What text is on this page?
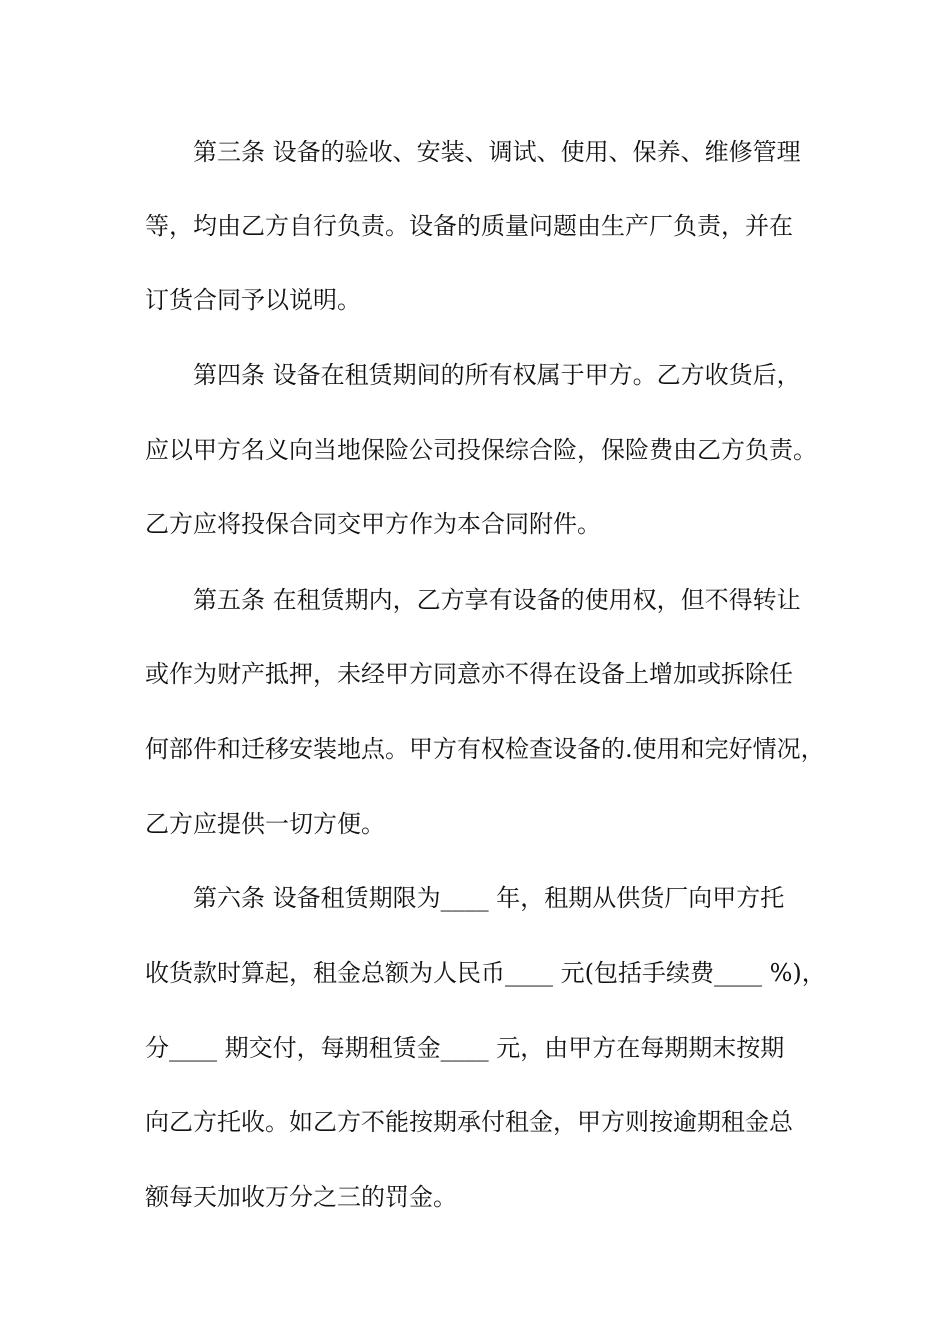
第三条 设备的验收、安装、调试、使用、保养、维修管理
等，均由乙方自行负责。设备的质量问题由生产厂负责，并在
订货合同予以说明。
第四条 设备在租赁期间的所有权属于甲方。乙方收货后，
应以甲方名义向当地保险公司投保综合险，保险费由乙方负责。
乙方应将投保合同交甲方作为本合同附件。
第五条 在租赁期内，乙方享有设备的使用权，但不得转让
或作为财产抵押，未经甲方同意亦不得在设备上增加或拆除任
何部件和迁移安装地点。甲方有权检查设备的.使用和完好情况，
乙方应提供一切方便。
第六条 设备租赁期限为____ 年，租期从供货厂向甲方托
收货款时算起，租金总额为人民币____ 元(包括手续费____ %)，
分____ 期交付，每期租赁金____ 元，由甲方在每期期末按期
向乙方托收。如乙方不能按期承付租金，甲方则按逾期租金总
额每天加收万分之三的罚金。
